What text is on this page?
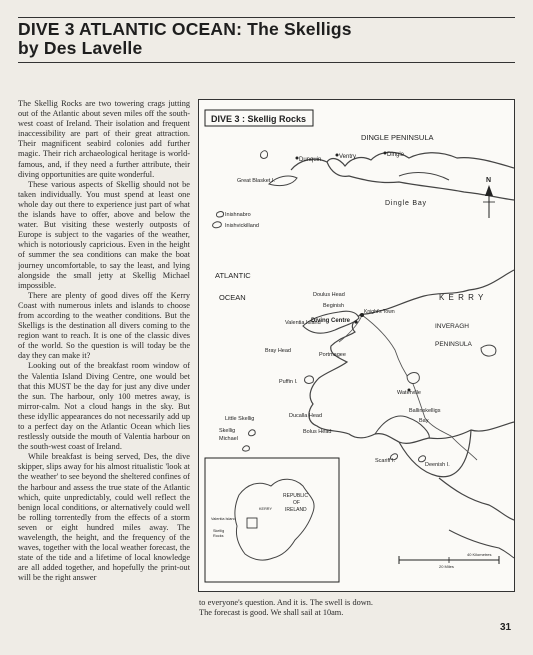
DIVE 3 ATLANTIC OCEAN: The Skelligs by Des Lavelle

The Skellig Rocks are two towering crags jutting out of the Atlantic about seven miles off the south-west coast of Ireland. Their isolation and frequent inaccessibility are part of their great attraction. Their magnificent seabird colonies add further magic. Their rich archaeological heritage is world-famous, and, if they need a further attribute, their diving opportunities are quite wonderful.

These various aspects of Skellig should not be taken individually. You must spend at least one whole day out there to experience just part of what the islands have to offer, above and below the water. But visiting these westerly outposts of Europe is subject to the vagaries of the weather, which is notoriously capricious. Even in the height of summer the sea conditions can make the boat journey uncomfortable, to say the least, and lying alongside the small jetty at Skellig Michael impossible.

There are plenty of good dives off the Kerry Coast with numerous inlets and islands to choose from according to the weather conditions. But the Skelligs is the destination all divers coming to the region want to reach. It is one of the classic dives of the world. So the question is will today be the day they can make it?

Looking out of the breakfast room window of the Valentia Island Diving Centre, one would bet that this MUST be the day for just any dive under the sun. The harbour, only 100 metres away, is mirror-calm. Not a cloud hangs in the sky. But these idyllic appearances do not necessarily add up to a perfect day on the Atlantic Ocean which lies restlessly outside the mouth of Valentia harbour on the south-west coast of Ireland.

While breakfast is being served, Des, the dive skipper, slips away for his almost ritualistic 'look at the weather' to see beyond the sheltered confines of the harbour and assess the true state of the Atlantic which, quite unpredictably, could well reflect the benign local conditions, or alternatively could well be rolling torrentedly from the effects of a storm seven or eight hundred miles away. The wavelength, the height, and the frequency of the waves, together with the local weather forecast, the state of the tide and a lifetime of local knowledge are all added together, and hopefully the print-out will be the right answer

DIVE 3 : Skellig Rocks
DINGLE PENINSULA
Dunquin	Ventry	Dingle
Great Blasket I.	N
Dingle Bay
Inishnabro
Inishvickilland
ATLANTIC
OCEAN	Doulus Head
Beginish
K E R R Y
Knight's Town
Valentia Island
Diving Centre
INVERAGH
PENINSULA
Bray Head
Portmagee
Puffin I.
Waterville
Ballinskelligs
Bay
Little Skellig
Skellig
Michael
Ducalla Head
Bolus Head
Scariff I.
Deenish I.
REPUBLIC
OF
IRELAND
Valentia Island
KERRY
Skellig
Rocks
40 Kilometres
20 Miles

to everyone's question. And it is. The swell is down. The forecast is good. We shall sail at 10am.

31
